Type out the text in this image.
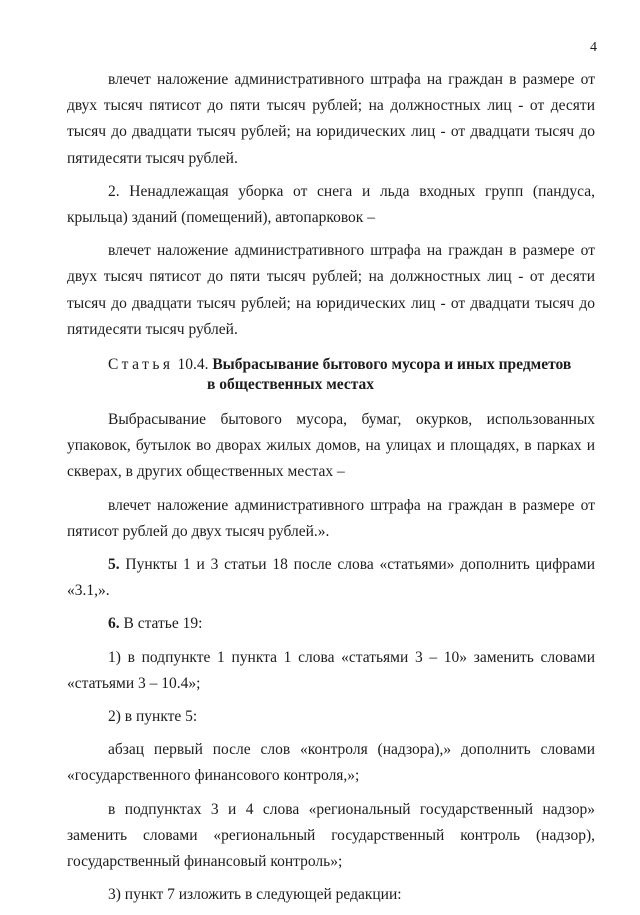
4

влечет наложение административного штрафа на граждан в размере от двух тысяч пятисот до пяти тысяч рублей; на должностных лиц - от десяти тысяч до двадцати тысяч рублей; на юридических лиц - от двадцати тысяч до пятидесяти тысяч рублей.

2. Ненадлежащая уборка от снега и льда входных групп (пандуса, крыльца) зданий (помещений), автопарковок –

влечет наложение административного штрафа на граждан в размере от двух тысяч пятисот до пяти тысяч рублей; на должностных лиц - от десяти тысяч до двадцати тысяч рублей; на юридических лиц - от двадцати тысяч до пятидесяти тысяч рублей.

Статья 10.4. Выбрасывание бытового мусора и иных предметов
в общественных местах

Выбрасывание бытового мусора, бумаг, окурков, использованных упаковок, бутылок во дворах жилых домов, на улицах и площадях, в парках и скверах, в других общественных местах –

влечет наложение административного штрафа на граждан в размере от пятисот рублей до двух тысяч рублей.».

5. Пункты 1 и 3 статьи 18 после слова «статьями» дополнить цифрами «3.1,».

6. В статье 19:

1) в подпункте 1 пункта 1 слова «статьями 3 – 10» заменить словами «статьями 3 – 10.4»;

2) в пункте 5:

абзац первый после слов «контроля (надзора),» дополнить словами «государственного финансового контроля,»;

в подпунктах 3 и 4 слова «региональный государственный надзор» заменить словами «региональный государственный контроль (надзор), государственный финансовый контроль»;

3) пункт 7 изложить в следующей редакции:
